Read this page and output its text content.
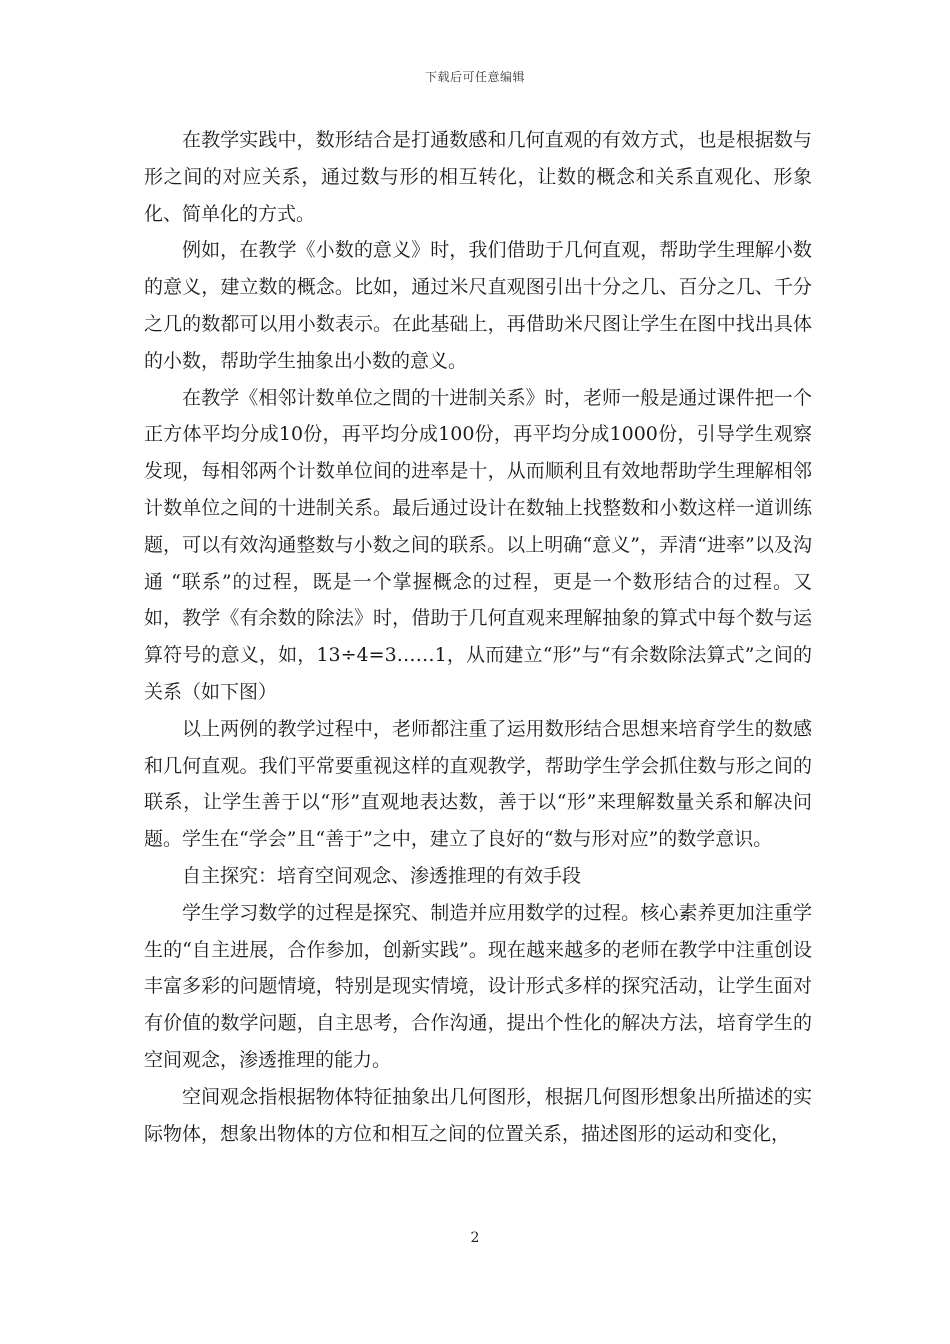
下载后可任意编辑

在教学实践中，数形结合是打通数感和几何直观的有效方式，也是根据数与形之间的对应关系，通过数与形的相互转化，让数的概念和关系直观化、形象化、简单化的方式。

例如，在教学《小数的意义》时，我们借助于几何直观，帮助学生理解小数的意义，建立数的概念。比如，通过米尺直观图引出十分之几、百分之几、千分之几的数都可以用小数表示。在此基础上，再借助米尺图让学生在图中找出具体的小数，帮助学生抽象出小数的意义。

在教学《相邻计数单位之間的十进制关系》时，老师一般是通过课件把一个正方体平均分成10份，再平均分成100份，再平均分成1000份，引导学生观察发现，每相邻两个计数单位间的进率是十，从而顺利且有效地帮助学生理解相邻计数单位之间的十进制关系。最后通过设计在数轴上找整数和小数这样一道训练题，可以有效沟通整数与小数之间的联系。以上明确“意义”，弄清“进率”以及沟通 “联系”的过程，既是一个掌握概念的过程，更是一个数形结合的过程。又如，教学《有余数的除法》时，借助于几何直观来理解抽象的算式中每个数与运算符号的意义，如，13÷4=3……1，从而建立“形”与“有余数除法算式”之间的关系（如下图）

以上两例的教学过程中，老师都注重了运用数形结合思想来培育学生的数感和几何直观。我们平常要重视这样的直观教学，帮助学生学会抓住数与形之间的联系，让学生善于以“形”直观地表达数，善于以“形”来理解数量关系和解决问题。学生在“学会”且“善于”之中，建立了良好的“数与形对应”的数学意识。

自主探究：培育空间观念、渗透推理的有效手段

学生学习数学的过程是探究、制造并应用数学的过程。核心素养更加注重学生的“自主进展，合作参加，创新实践”。现在越来越多的老师在教学中注重创设丰富多彩的问题情境，特别是现实情境，设计形式多样的探究活动，让学生面对有价值的数学问题，自主思考，合作沟通，提出个性化的解决方法，培育学生的空间观念，渗透推理的能力。

空间观念指根据物体特征抽象出几何图形，根据几何图形想象出所描述的实际物体，想象出物体的方位和相互之间的位置关系，描述图形的运动和变化，

2
